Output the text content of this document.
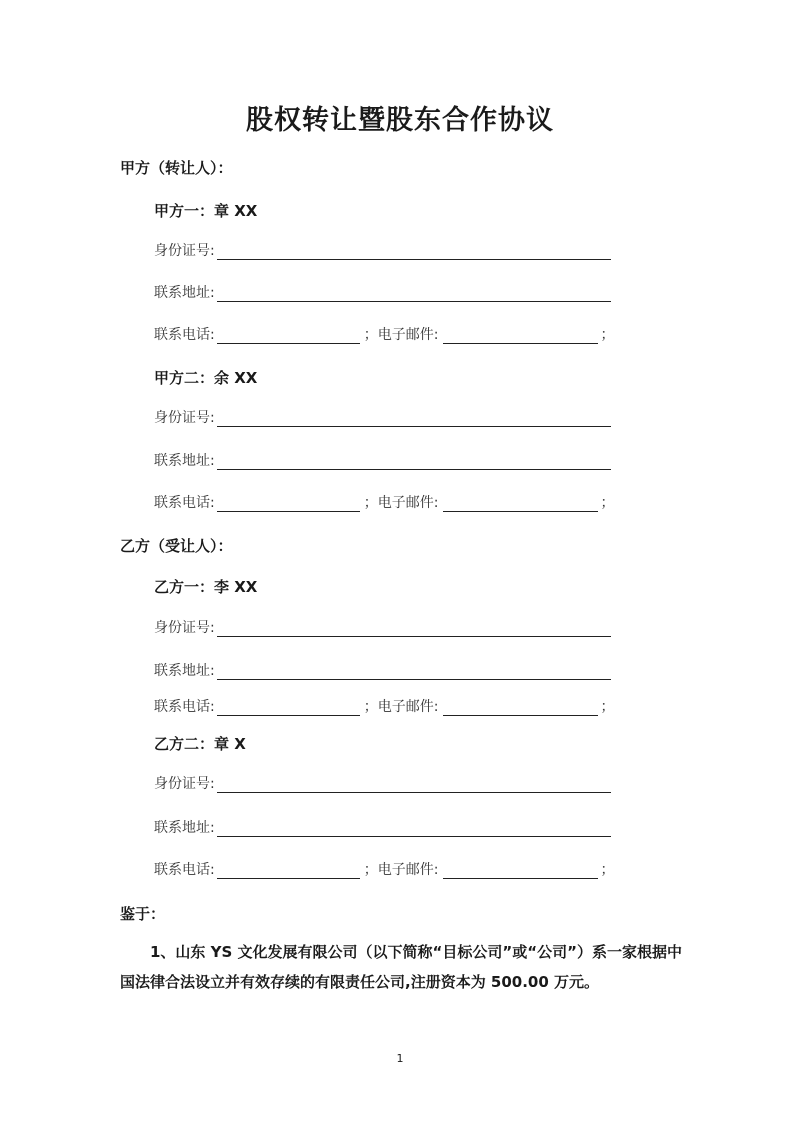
股权转让暨股东合作协议
甲方（转让人）：
甲方一：章 XX
身份证号:
联系地址:
联系电话:	；电子邮件:	；
甲方二：余 XX
身份证号:
联系地址:
联系电话:	；电子邮件:	；
乙方（受让人）：
乙方一：李 XX
身份证号:
联系地址:
联系电话:	；电子邮件:	；
乙方二：章 X
身份证号:
联系地址:
联系电话:	；电子邮件:	；
鉴于：
1、山东 YS 文化发展有限公司（以下简称“目标公司”或“公司”）系一家根据中国法律合法设立并有效存续的有限责任公司,注册资本为 500.00 万元。
1
